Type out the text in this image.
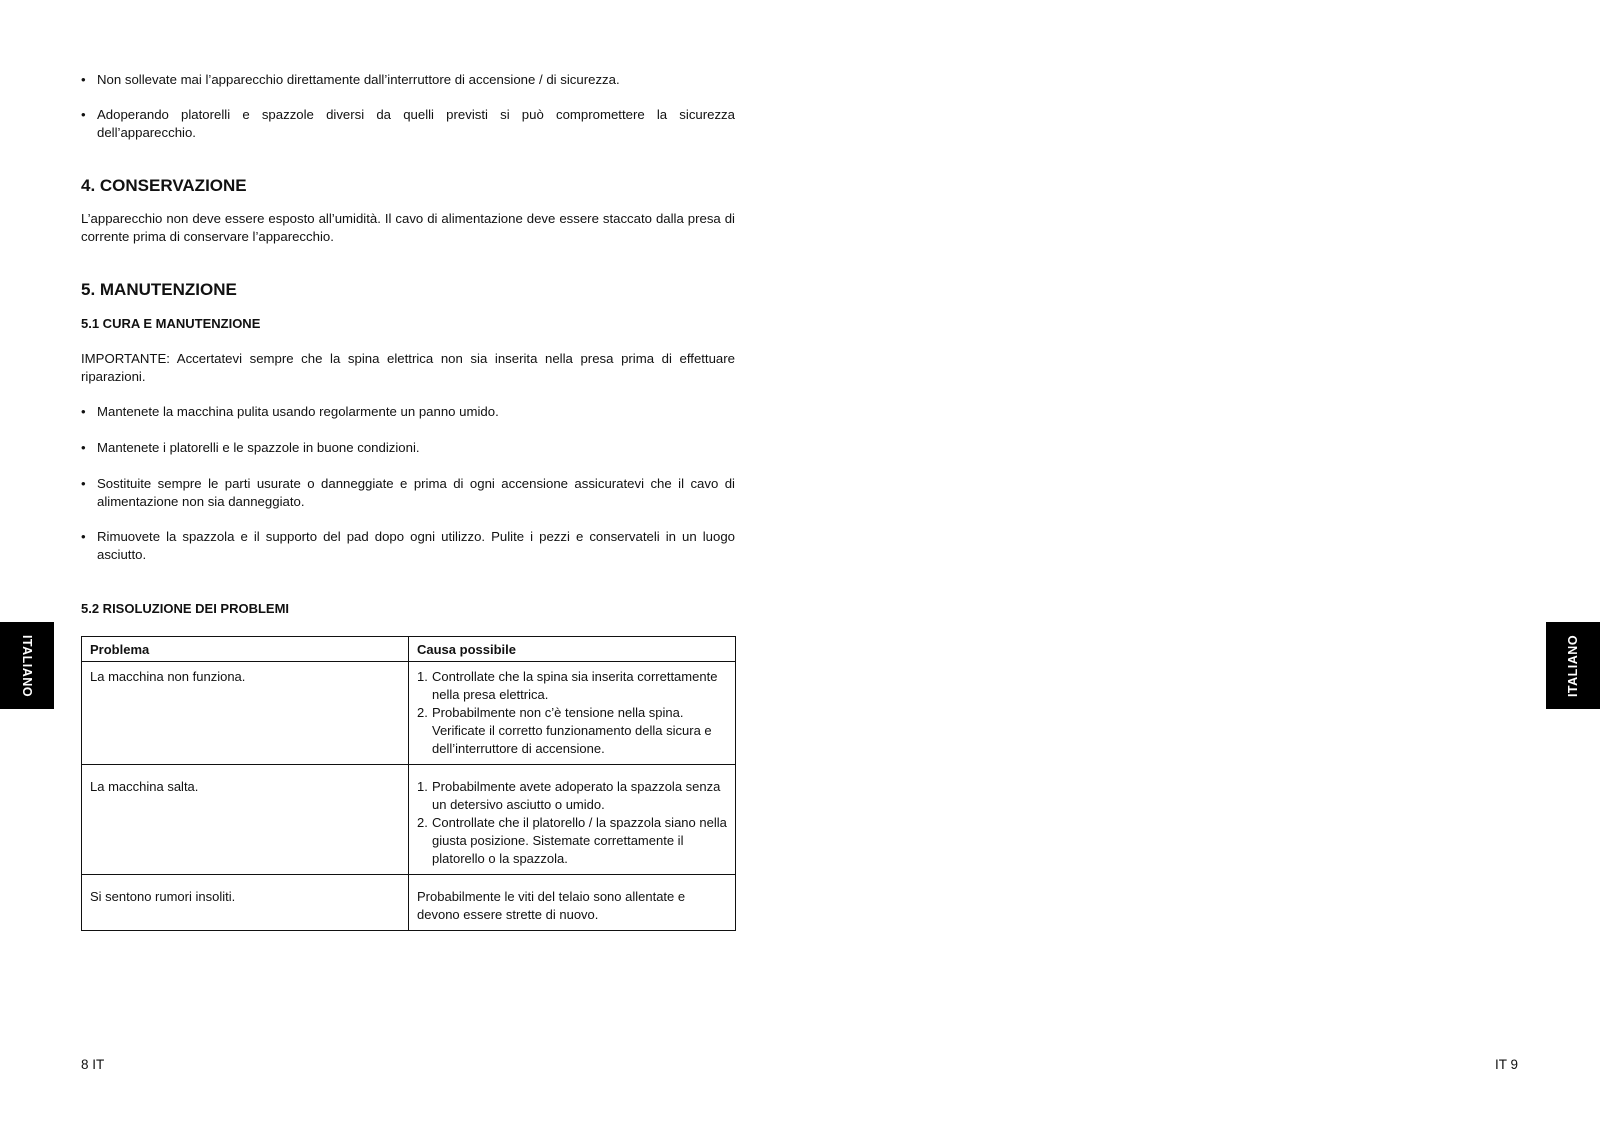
• Non sollevate mai l’apparecchio direttamente dall’interruttore di accensione / di sicurezza.
• Adoperando platorelli e spazzole diversi da quelli previsti si può compromettere la sicurezza dell’apparecchio.
4. CONSERVAZIONE

L’apparecchio non deve essere esposto all’umidità. Il cavo di alimentazione deve essere staccato dalla presa di corrente prima di conservare l’apparecchio.

5. MANUTENZIONE
5.1 CURA E MANUTENZIONE

IMPORTANTE: Accertatevi sempre che la spina elettrica non sia inserita nella presa prima di effettuare riparazioni.

• Mantenete la macchina pulita usando regolarmente un panno umido.
• Mantenete i platorelli e le spazzole in buone condizioni.
• Sostituite sempre le parti usurate o danneggiate e prima di ogni accensione assicuratevi che il cavo di alimentazione non sia danneggiato.
• Rimuovete la spazzola e il supporto del pad dopo ogni utilizzo. Pulite i pezzi e conservateli in un luogo asciutto.
5.2 RISOLUZIONE DEI PROBLEMI
Problema	Causa possibile
La macchina non funziona.	1. Controllate che la spina sia inserita correttamente nella presa elettrica.
2. Probabilmente non c’è tensione nella spina. Verificate il corretto funzionamento della sicura e dell’interruttore di accensione.

La macchina salta.	1. Probabilmente avete adoperato la spazzola senza un detersivo asciutto o umido.
2. Controllate che il platorello / la spazzola siano nella giusta posizione. Sistemate correttamente il platorello o la spazzola.

Si sentono rumori insoliti.	Probabilmente le viti del telaio sono allentate e devono essere strette di nuovo.
ITALIANO	ITALIANO
8 IT	IT 9
